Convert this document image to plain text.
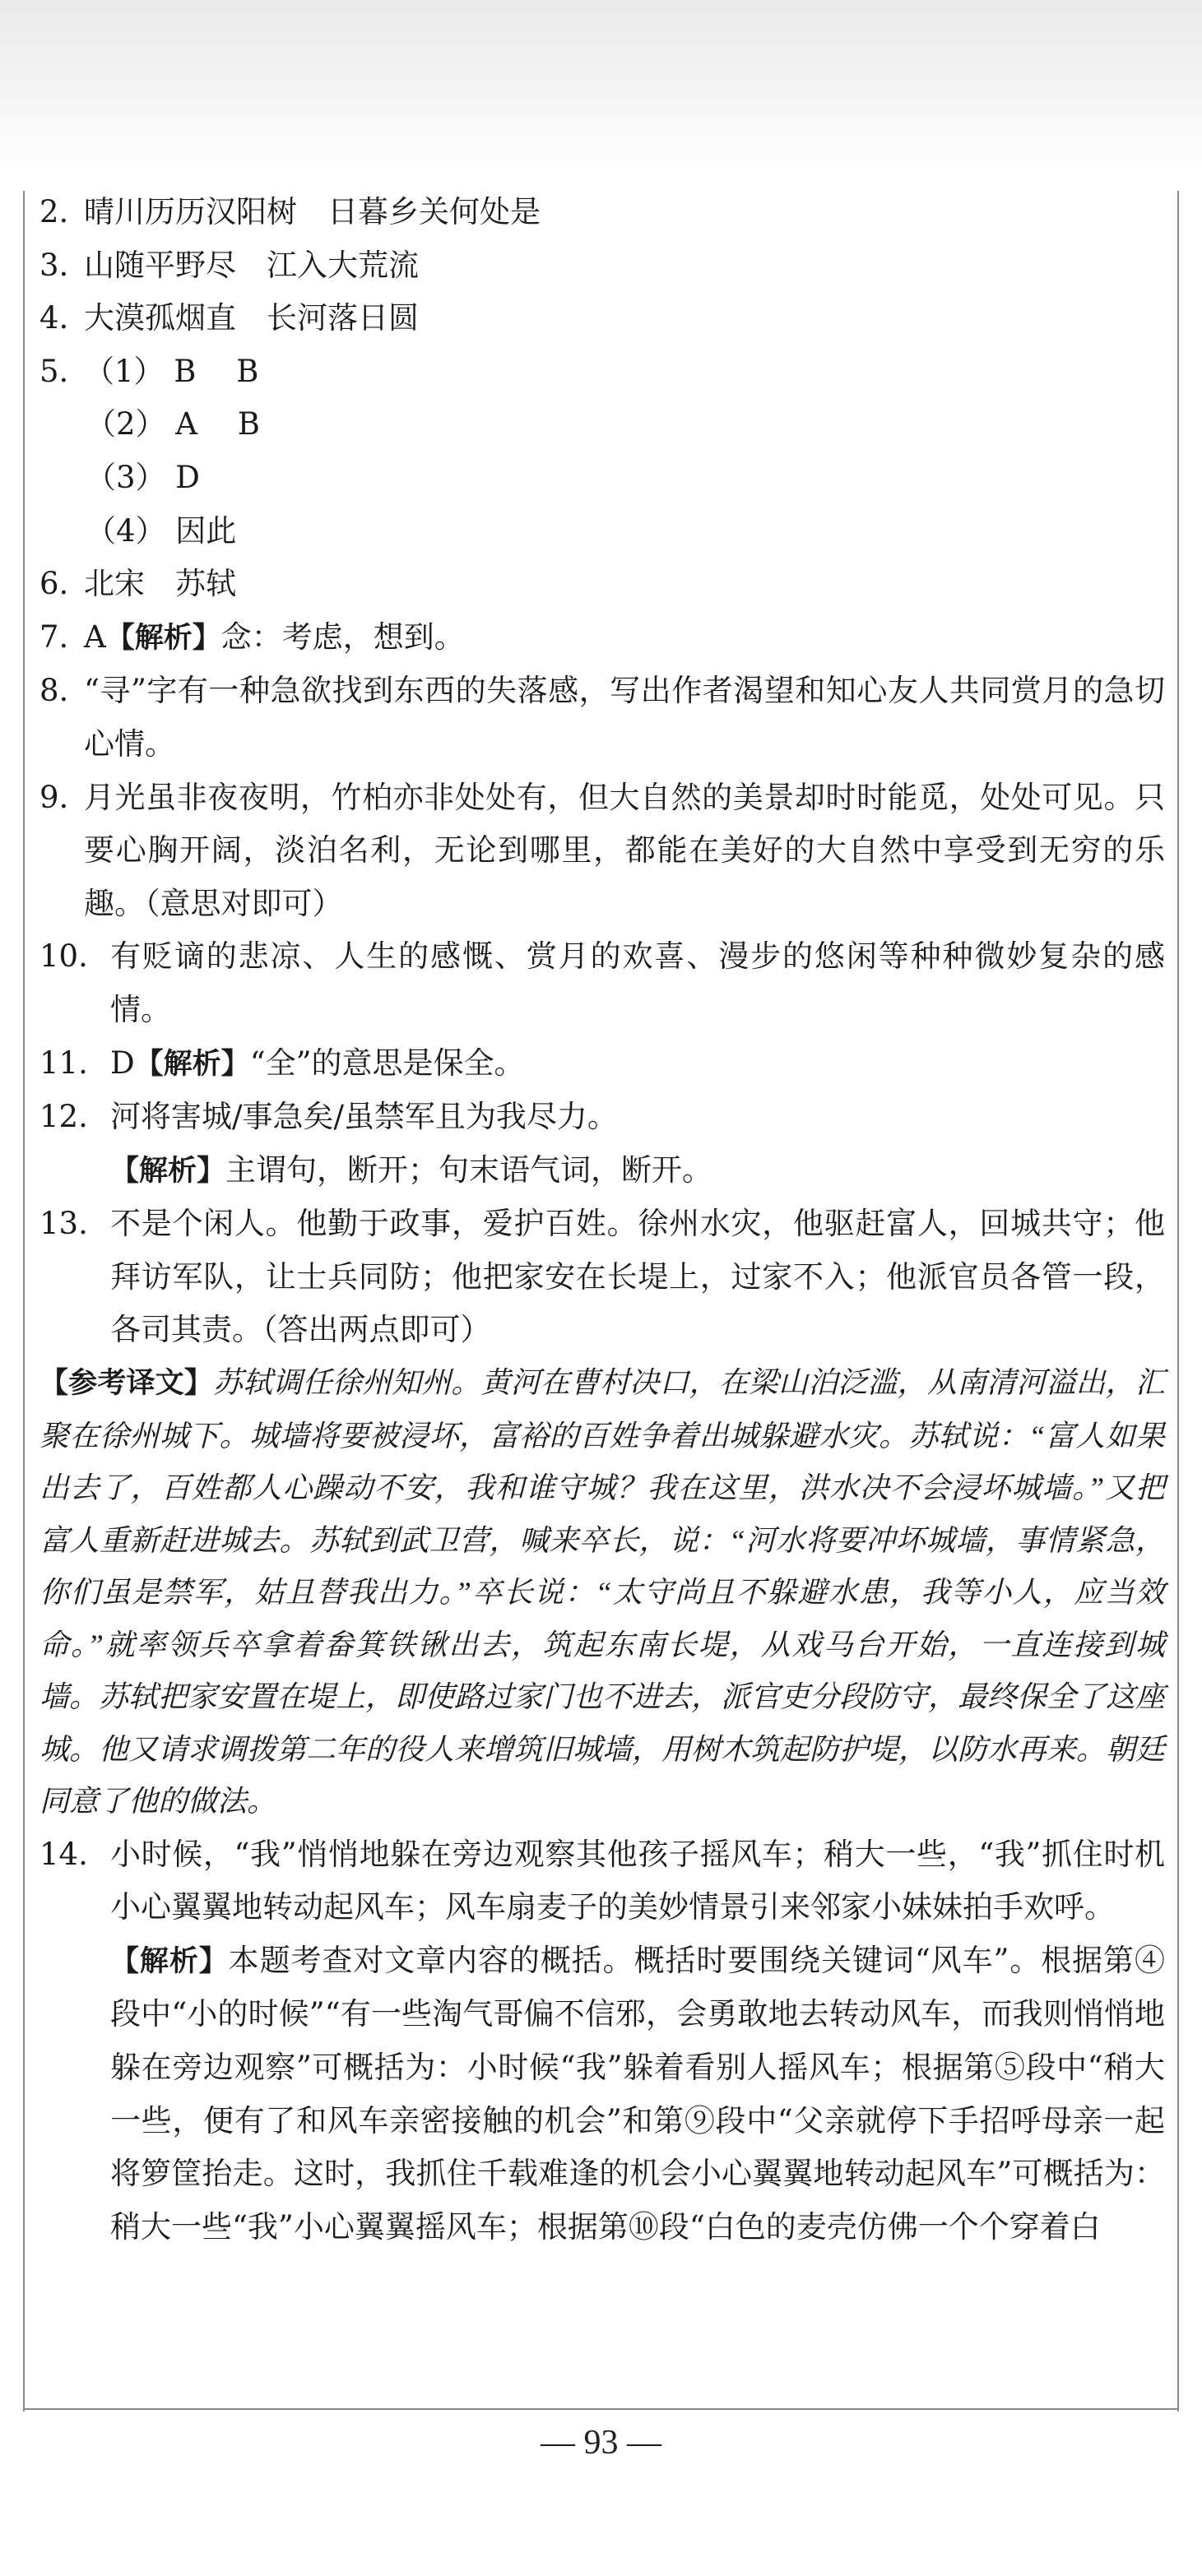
2. 晴川历历汉阳树　日暮乡关何处是
3. 山随平野尽　江入大荒流
4. 大漠孤烟直　长河落日圆
5. （1） B　 B
（2） A　 B
（3） D
（4） 因此
6. 北宋　苏轼
7. A【解析】念：考虑，想到。
8. “寻”字有一种急欲找到东西的失落感，写出作者渴望和知心友人共同赏月的急切心情。
9. 月光虽非夜夜明，竹柏亦非处处有，但大自然的美景却时时能觅，处处可见。只要心胸开阔，淡泊名利，无论到哪里，都能在美好的大自然中享受到无穷的乐趣。（意思对即可）
10. 有贬谪的悲凉、人生的感慨、赏月的欢喜、漫步的悠闲等种种微妙复杂的感情。
11. D【解析】“全”的意思是保全。
12. 河将害城/事急矣/虽禁军且为我尽力。
【解析】主谓句，断开；句末语气词，断开。
13. 不是个闲人。他勤于政事，爱护百姓。徐州水灾，他驱赶富人，回城共守；他拜访军队，让士兵同防；他把家安在长堤上，过家不入；他派官员各管一段，各司其责。（答出两点即可）
【参考译文】苏轼调任徐州知州。黄河在曹村决口，在梁山泊泛滥，从南清河溢出，汇聚在徐州城下。城墙将要被浸坏，富裕的百姓争着出城躲避水灾。苏轼说：“富人如果出去了，百姓都人心躁动不安，我和谁守城？我在这里，洪水决不会浸坏城墙。”又把富人重新赶进城去。苏轼到武卫营，喊来卒长，说：“河水将要冲坏城墙，事情紧急，你们虽是禁军，姑且替我出力。”卒长说：“太守尚且不躲避水患，我等小人，应当效命。”就率领兵卒拿着畚箕铁锹出去，筑起东南长堤，从戏马台开始，一直连接到城墙。苏轼把家安置在堤上，即使路过家门也不进去，派官吏分段防守，最终保全了这座城。他又请求调拨第二年的役人来增筑旧城墙，用树木筑起防护堤，以防水再来。朝廷同意了他的做法。
14. 小时候，“我”悄悄地躲在旁边观察其他孩子摇风车；稍大一些，“我”抓住时机小心翼翼地转动起风车；风车扇麦子的美妙情景引来邻家小妹妹拍手欢呼。
【解析】本题考查对文章内容的概括。概括时要围绕关键词“风车”。根据第④段中“小的时候”“有一些淘气哥偏不信邪，会勇敢地去转动风车，而我则悄悄地躲在旁边观察”可概括为：小时候“我”躲着看别人摇风车；根据第⑤段中“稍大一些，便有了和风车亲密接触的机会”和第⑨段中“父亲就停下手招呼母亲一起将箩筐抬走。这时，我抓住千载难逢的机会小心翼翼地转动起风车”可概括为：稍大一些“我”小心翼翼摇风车；根据第⑩段“白色的麦壳仿佛一个个穿着白
— 93 —
